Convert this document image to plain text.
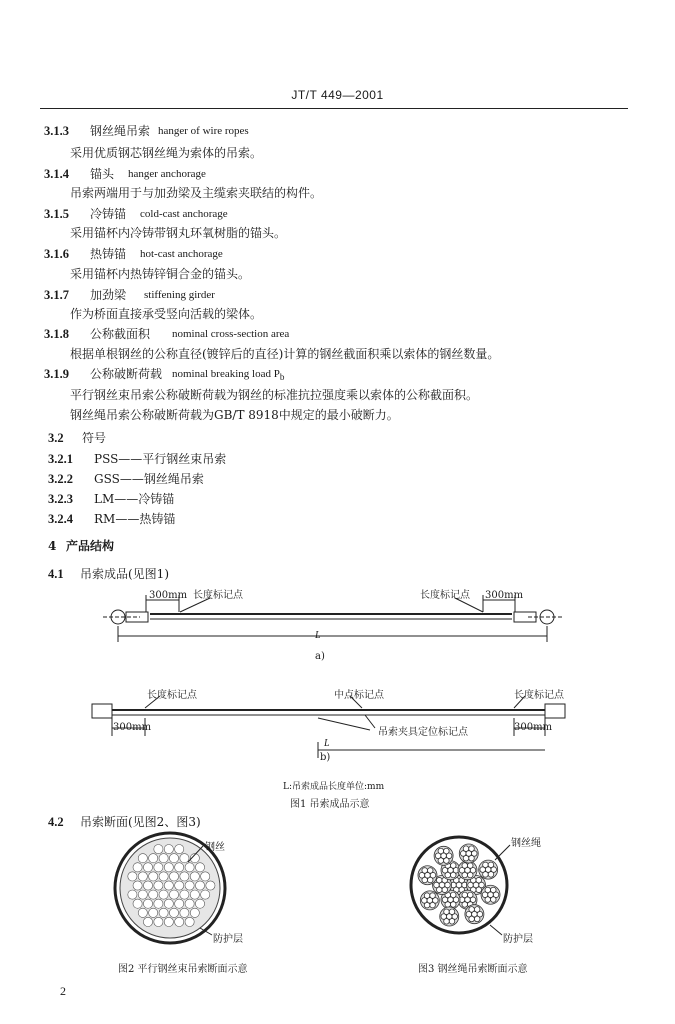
JT/T 449—2001
3.1.3 钢丝绳吊索 hanger of wire ropes
采用优质钢芯钢丝绳为索体的吊索。
3.1.4 锚头 hanger anchorage
吊索两端用于与加劲梁及主缆索夹联结的构件。
3.1.5 冷铸锚 cold-cast anchorage
采用锚杯内冷铸带钢丸环氧树脂的锚头。
3.1.6 热铸锚 hot-cast anchorage
采用锚杯内热铸锌铜合金的锚头。
3.1.7 加劲梁 stiffening girder
作为桥面直接承受竖向活载的梁体。
3.1.8 公称截面积 nominal cross-section area
根据单根钢丝的公称直径(镀锌后的直径)计算的钢丝截面积乘以索体的钢丝数量。
3.1.9 公称破断荷载 nominal breaking load $P_b$
平行钢丝束吊索公称破断荷载为钢丝的标准抗拉强度乘以索体的公称截面积。
钢丝绳吊索公称破断荷载为GB/T 8918中规定的最小破断力。
3.2 符号
3.2.1 PSS——平行钢丝束吊索
3.2.2 GSS——钢丝绳吊索
3.2.3 LM——冷铸锚
3.2.4 RM——热铸锚
4 产品结构
4.1 吊索成品(见图1)
300mm 长度标记点	长度标记点 300mm
L
a)
长度标记点	中点标记点	长度标记点
300mm	300mm
吊索夹具定位标记点
L
b)
L:吊索成品长度单位:mm
图1 吊索成品示意
4.2 吊索断面(见图2、图3)
钢丝
防护层
图2 平行钢丝束吊索断面示意
钢丝绳
防护层
图3 钢丝绳吊索断面示意
2
